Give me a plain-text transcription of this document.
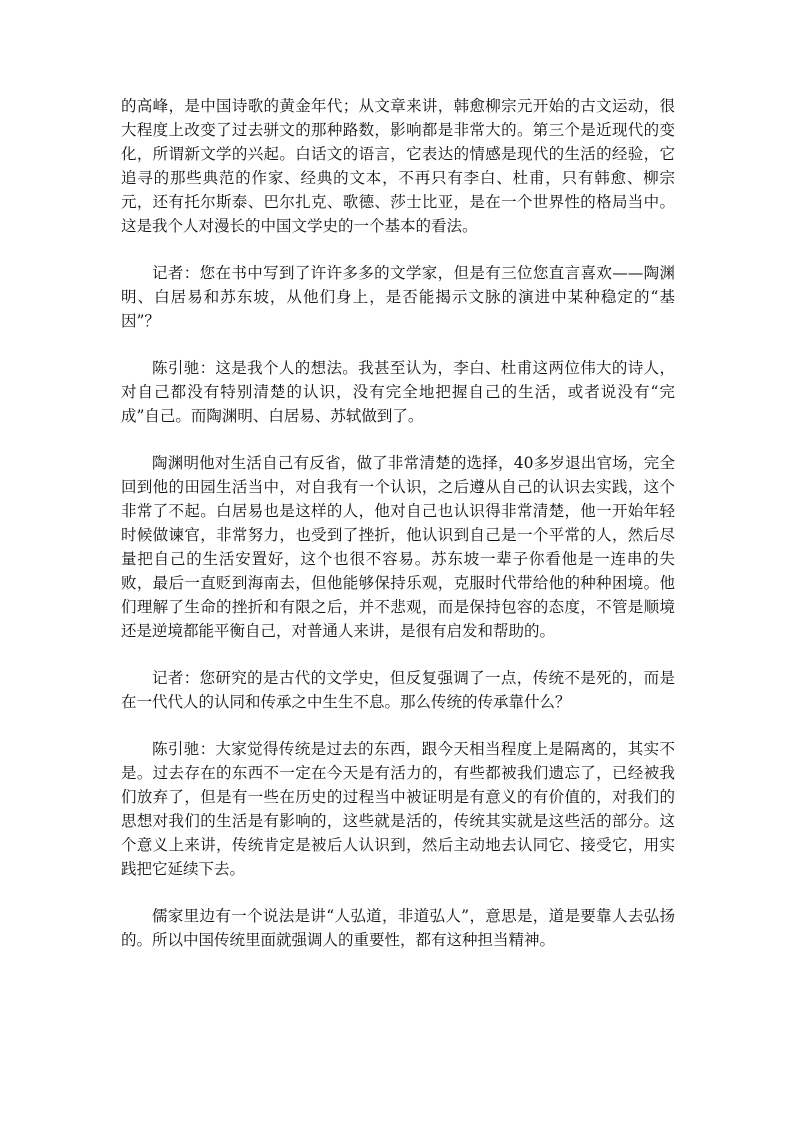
的高峰，是中国诗歌的黄金年代；从文章来讲，韩愈柳宗元开始的古文运动，很大程度上改变了过去骈文的那种路数，影响都是非常大的。第三个是近现代的变化，所谓新文学的兴起。白话文的语言，它表达的情感是现代的生活的经验，它追寻的那些典范的作家、经典的文本，不再只有李白、杜甫，只有韩愈、柳宗元，还有托尔斯泰、巴尔扎克、歌德、莎士比亚，是在一个世界性的格局当中。这是我个人对漫长的中国文学史的一个基本的看法。

记者：您在书中写到了许许多多的文学家，但是有三位您直言喜欢——陶渊明、白居易和苏东坡，从他们身上，是否能揭示文脉的演进中某种稳定的“基因”？

陈引驰：这是我个人的想法。我甚至认为，李白、杜甫这两位伟大的诗人，对自己都没有特别清楚的认识，没有完全地把握自己的生活，或者说没有“完成”自己。而陶渊明、白居易、苏轼做到了。

陶渊明他对生活自己有反省，做了非常清楚的选择，40多岁退出官场，完全回到他的田园生活当中，对自我有一个认识，之后遵从自己的认识去实践，这个非常了不起。白居易也是这样的人，他对自己也认识得非常清楚，他一开始年轻时候做谏官，非常努力，也受到了挫折，他认识到自己是一个平常的人，然后尽量把自己的生活安置好，这个也很不容易。苏东坡一辈子你看他是一连串的失败，最后一直贬到海南去，但他能够保持乐观，克服时代带给他的种种困境。他们理解了生命的挫折和有限之后，并不悲观，而是保持包容的态度，不管是顺境还是逆境都能平衡自己，对普通人来讲，是很有启发和帮助的。

记者：您研究的是古代的文学史，但反复强调了一点，传统不是死的，而是在一代代人的认同和传承之中生生不息。那么传统的传承靠什么？

陈引驰：大家觉得传统是过去的东西，跟今天相当程度上是隔离的，其实不是。过去存在的东西不一定在今天是有活力的，有些都被我们遗忘了，已经被我们放弃了，但是有一些在历史的过程当中被证明是有意义的有价值的，对我们的思想对我们的生活是有影响的，这些就是活的，传统其实就是这些活的部分。这个意义上来讲，传统肯定是被后人认识到，然后主动地去认同它、接受它，用实践把它延续下去。

儒家里边有一个说法是讲“人弘道，非道弘人”，意思是，道是要靠人去弘扬的。所以中国传统里面就强调人的重要性，都有这种担当精神。
